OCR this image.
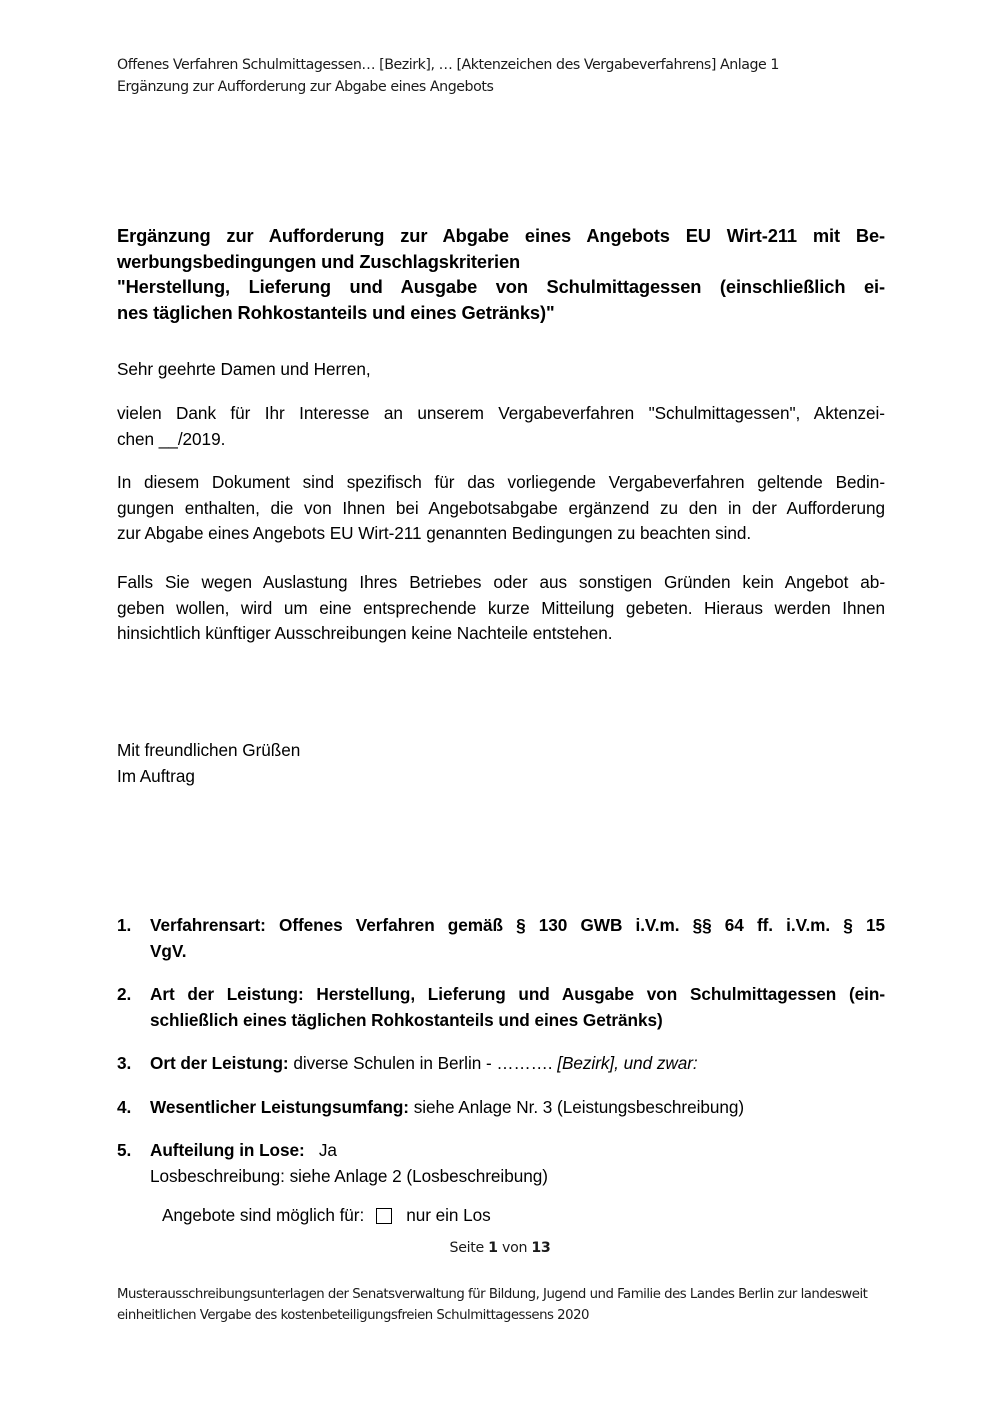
Offenes Verfahren Schulmittagessen… [Bezirk], … [Aktenzeichen des Vergabeverfahrens] Anlage 1
Ergänzung zur Aufforderung zur Abgabe eines Angebots
Ergänzung zur Aufforderung zur Abgabe eines Angebots EU Wirt-211 mit Be-
werbungsbedingungen und Zuschlagskriterien
"Herstellung, Lieferung und Ausgabe von Schulmittagessen (einschließlich ei-
nes täglichen Rohkostanteils und eines Getränks)"
Sehr geehrte Damen und Herren,
vielen Dank für Ihr Interesse an unserem Vergabeverfahren "Schulmittagessen", Aktenzei-
chen __/2019.
In diesem Dokument sind spezifisch für das vorliegende Vergabeverfahren geltende Bedin-
gungen enthalten, die von Ihnen bei Angebotsabgabe ergänzend zu den in der Aufforderung
zur Abgabe eines Angebots EU Wirt-211 genannten Bedingungen zu beachten sind.
Falls Sie wegen Auslastung Ihres Betriebes oder aus sonstigen Gründen kein Angebot ab-
geben wollen, wird um eine entsprechende kurze Mitteilung gebeten. Hieraus werden Ihnen
hinsichtlich künftiger Ausschreibungen keine Nachteile entstehen.
Mit freundlichen Grüßen
Im Auftrag
1.	Verfahrensart: Offenes Verfahren gemäß § 130 GWB i.V.m. §§ 64 ff. i.V.m. § 15
VgV.
2.	Art der Leistung: Herstellung, Lieferung und Ausgabe von Schulmittagessen (ein-
schließlich eines täglichen Rohkostanteils und eines Getränks)
3.	Ort der Leistung: diverse Schulen in Berlin - ………. [Bezirk], und zwar:
4.	Wesentlicher Leistungsumfang: siehe Anlage Nr. 3 (Leistungsbeschreibung)
5.	Aufteilung in Lose: Ja
Losbeschreibung: siehe Anlage 2 (Losbeschreibung)
Angebote sind möglich für: nur ein Los
Seite 1 von 13
Musterausschreibungsunterlagen der Senatsverwaltung für Bildung, Jugend und Familie des Landes Berlin zur landesweit
einheitlichen Vergabe des kostenbeteiligungsfreien Schulmittagessens 2020
